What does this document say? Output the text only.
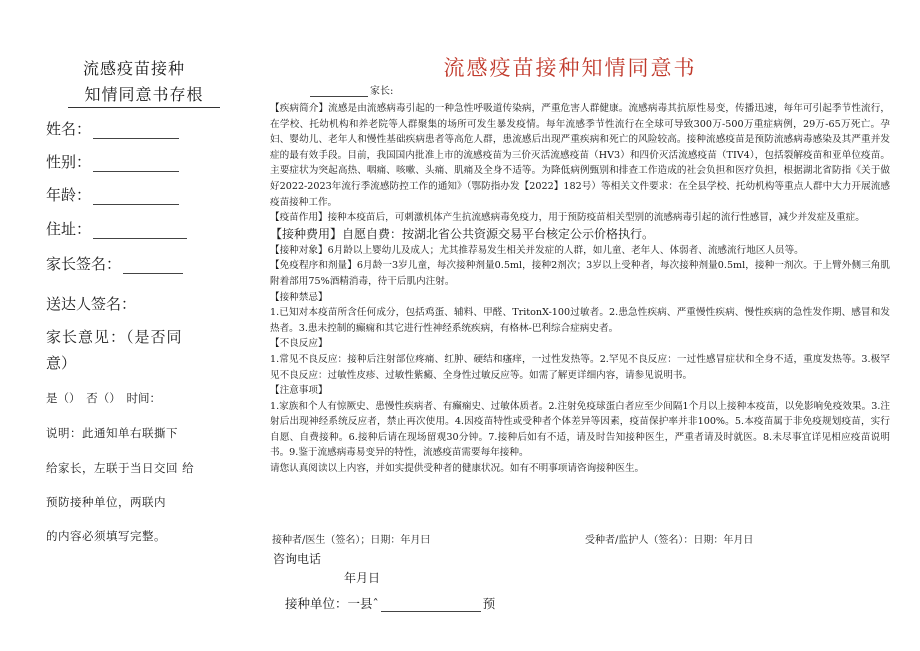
流感疫苗接种
知情同意书存根
姓名：
性别：
年龄：
住址：
家长签名：
送达人签名：
家长意见：（是否同
意）
是（）　否（）　时间：
说明：此通知单右联撕下
给家长，左联于当日交回 给
预防接种单位，两联内
的内容必须填写完整。
流感疫苗接种知情同意书
家长:

【疾病简介】流感是由流感病毒引起的一种急性呼吸道传染病，严重危害人群健康。流感病毒其抗原性易变，传播迅速，每年可引起季节性流行，在学校、托幼机构和养老院等人群聚集的场所可发生暴发疫情。每年流感季节性流行在全球可导致300万-500万重症病例，29万-65万死亡。孕妇、婴幼儿、老年人和慢性基础疾病患者等高危人群，患流感后出现严重疾病和死亡的风险较高。接种流感疫苗是预防流感病毒感染及其严重并发症的最有效手段。目前，我国国内批准上市的流感疫苗为三价灭活流感疫苗（HV3）和四价灭活流感疫苗（TIV4），包括裂解疫苗和亚单位疫苗。主要症状为突起高热、咽痛、咳嗽、头痛、肌痛及全身不适等。为降低病例甄别和排查工作造成的社会负担和医疗负担，根据湖北省防指《关于做好2022-2023年流行季流感防控工作的通知》（鄂防指办发【2022】182号）等相关文件要求：在全县学校、托幼机构等重点人群中大力开展流感疫苗接种工作。

【疫苗作用】接种本疫苗后，可刺激机体产生抗流感病毒免疫力，用于预防疫苗相关型别的流感病毒引起的流行性感冒，减少并发症及重症。

【接种费用】自愿自费：按湖北省公共资源交易平台核定公示价格执行。

【接种对象】6月龄以上婴幼儿及成人；尤其推荐易发生相关并发症的人群，如儿童、老年人、体弱者、流感流行地区人员等。

【免疫程序和剂量】6月龄一3岁儿童，每次接种剂量0.5ml，接种2剂次；3岁以上受种者，每次接种剂量0.5ml，接种一剂次。于上臂外侧三角肌附着部用75%酒精消毒，待干后肌内注射。

【接种禁忌】

1.已知对本疫苗所含任何成分，包括鸡蛋、辅料、甲醛、TritonX-100过敏者。2.患急性疾病、严重慢性疾病、慢性疾病的急性发作期、感冒和发热者。3.患未控制的癫痫和其它进行性神经系统疾病，有格林-巴利综合症病史者。

【不良反应】

1.常见不良反应：接种后注射部位疼痛、红肿、硬结和瘙痒，一过性发热等。2.罕见不良反应：一过性感冒症状和全身不适，重度发热等。3.极罕见不良反应：过敏性皮疹、过敏性紫癜、全身性过敏反应等。如需了解更详细内容，请参见说明书。

【注意事项】

1.家族和个人有惊厥史、患慢性疾病者、有癫痫史、过敏体质者。2.注射免疫球蛋白者应至少间隔1个月以上接种本疫苗，以免影响免疫效果。3.注射后出现神经系统反应者，禁止再次使用。4.因疫苗特性或受种者个体差异等因素，疫苗保护率并非100%。5.本疫苗属于非免疫规划疫苗，实行自愿、自费接种。6.接种后请在现场留观30分钟。7.接种后如有不适，请及时告知接种医生，严重者请及时就医。8.未尽事宜详见相应疫苗说明书。9.鉴于流感病毒易变异的特性，流感疫苗需要每年接种。

请您认真阅读以上内容，并如实提供受种者的健康状况。如有不明事项请咨询接种医生。

接种者/医生（签名）；日期：年月曰	受种者/监护人（签名）：日期：年月日
咨询电话
年月日
接种单位：一县ˆ	预
